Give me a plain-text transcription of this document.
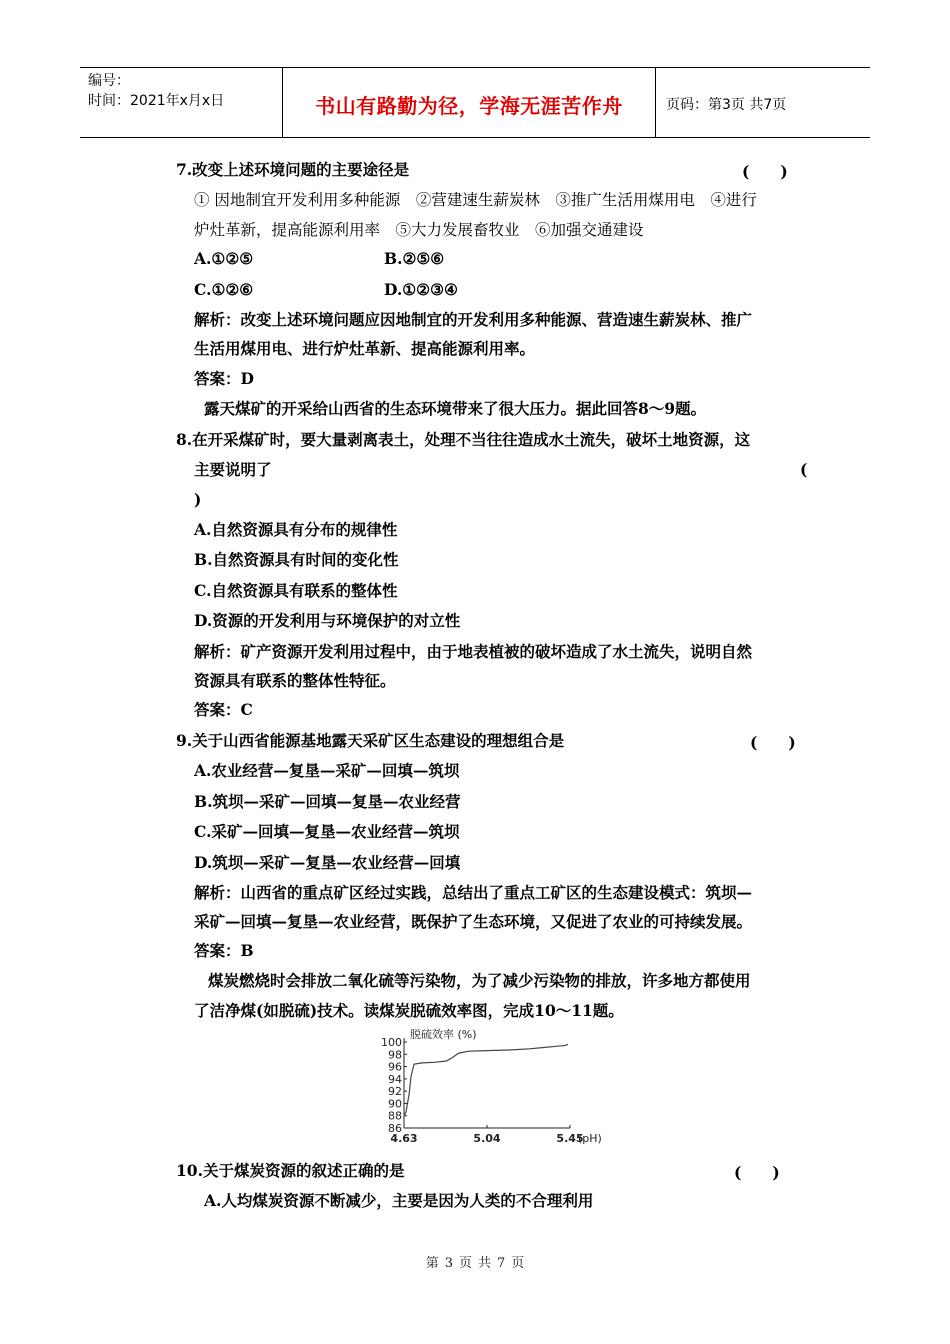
编号：
时间：2021年x月x日	书山有路勤为径，学海无涯苦作舟	页码：第3页 共7页
7.改变上述环境问题的主要途径是	(　　)
① 因地制宜开发利用多种能源　②营建速生薪炭林　③推广生活用煤用电　④进行
炉灶革新，提高能源利用率　⑤大力发展畜牧业　⑥加强交通建设
A.①②⑤	B.②⑤⑥
C.①②⑥	D.①②③④
解析：改变上述环境问题应因地制宜的开发利用多种能源、营造速生薪炭林、推广
生活用煤用电、进行炉灶革新、提高能源利用率。
答案：D
露天煤矿的开采给山西省的生态环境带来了很大压力。据此回答8～9题。
8.在开采煤矿时，要大量剥离表土，处理不当往往造成水土流失，破坏土地资源，这
主要说明了	(
)
A.自然资源具有分布的规律性
B.自然资源具有时间的变化性
C.自然资源具有联系的整体性
D.资源的开发利用与环境保护的对立性
解析：矿产资源开发利用过程中，由于地表植被的破坏造成了水土流失，说明自然
资源具有联系的整体性特征。
答案：C
9.关于山西省能源基地露天采矿区生态建设的理想组合是	(　　)
A.农业经营—复垦—采矿—回填—筑坝
B.筑坝—采矿—回填—复垦—农业经营
C.采矿—回填—复垦—农业经营—筑坝
D.筑坝—采矿—复垦—农业经营—回填
解析：山西省的重点矿区经过实践，总结出了重点工矿区的生态建设模式：筑坝—
采矿—回填—复垦—农业经营，既保护了生态环境，又促进了农业的可持续发展。
答案：B
煤炭燃烧时会排放二氧化硫等污染物，为了减少污染物的排放，许多地方都使用
了洁净煤(如脱硫)技术。读煤炭脱硫效率图，完成10～11题。
86
88
90
92
94
96
98
100
4.63	5.04	5.45
脱硫效率 (%)
(pH)
10.关于煤炭资源的叙述正确的是	(　　)
A.人均煤炭资源不断减少，主要是因为人类的不合理利用
第 3 页 共 7 页
